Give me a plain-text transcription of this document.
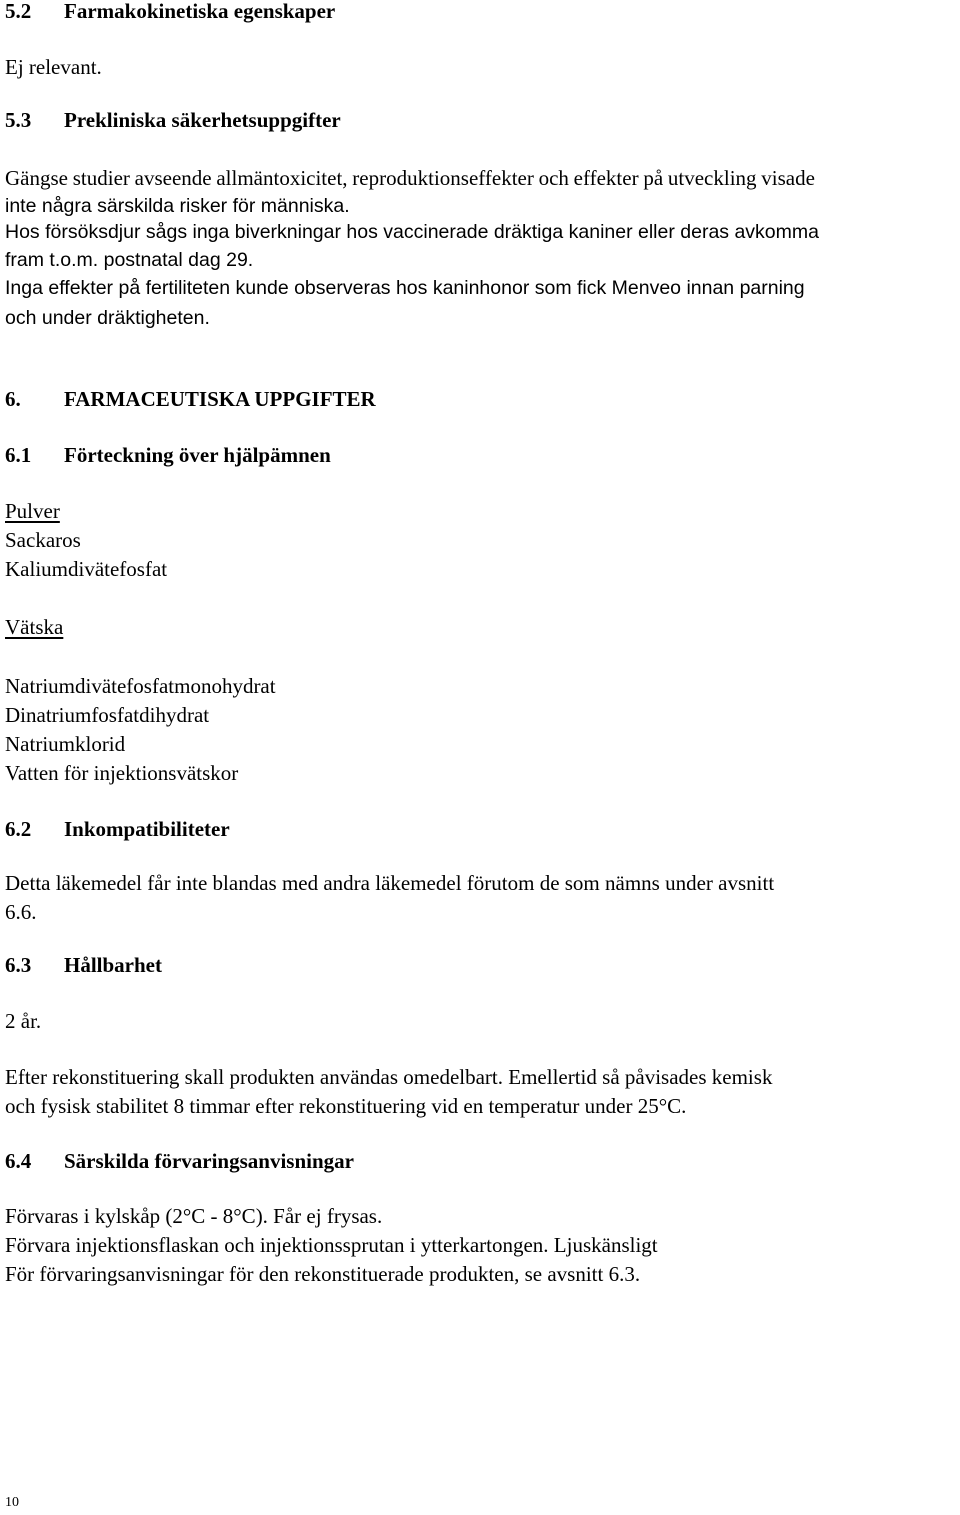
5.2 Farmakokinetiska egenskaper
Ej relevant.
5.3 Prekliniska säkerhetsuppgifter
Gängse studier avseende allmäntoxicitet, reproduktionseffekter och effekter på utveckling visade
inte några särskilda risker för människa.
Hos försöksdjur sågs inga biverkningar hos vaccinerade dräktiga kaniner eller deras avkomma
fram t.o.m. postnatal dag 29.
Inga effekter på fertiliteten kunde observeras hos kaninhonor som fick Menveo innan parning
och under dräktigheten.
6. FARMACEUTISKA UPPGIFTER
6.1 Förteckning över hjälpämnen
Pulver
Sackaros
Kaliumdivätefosfat
Vätska
Natriumdivätefosfatmonohydrat
Dinatriumfosfatdihydrat
Natriumklorid
Vatten för injektionsvätskor
6.2 Inkompatibiliteter
Detta läkemedel får inte blandas med andra läkemedel förutom de som nämns under avsnitt
6.6.
6.3 Hållbarhet
2 år.
Efter rekonstituering skall produkten användas omedelbart. Emellertid så påvisades kemisk
och fysisk stabilitet 8 timmar efter rekonstituering vid en temperatur under 25°C.
6.4 Särskilda förvaringsanvisningar
Förvaras i kylskåp (2°C - 8°C). Får ej frysas.
Förvara injektionsflaskan och injektionssprutan i ytterkartongen. Ljuskänsligt
För förvaringsanvisningar för den rekonstituerade produkten, se avsnitt 6.3.
10
